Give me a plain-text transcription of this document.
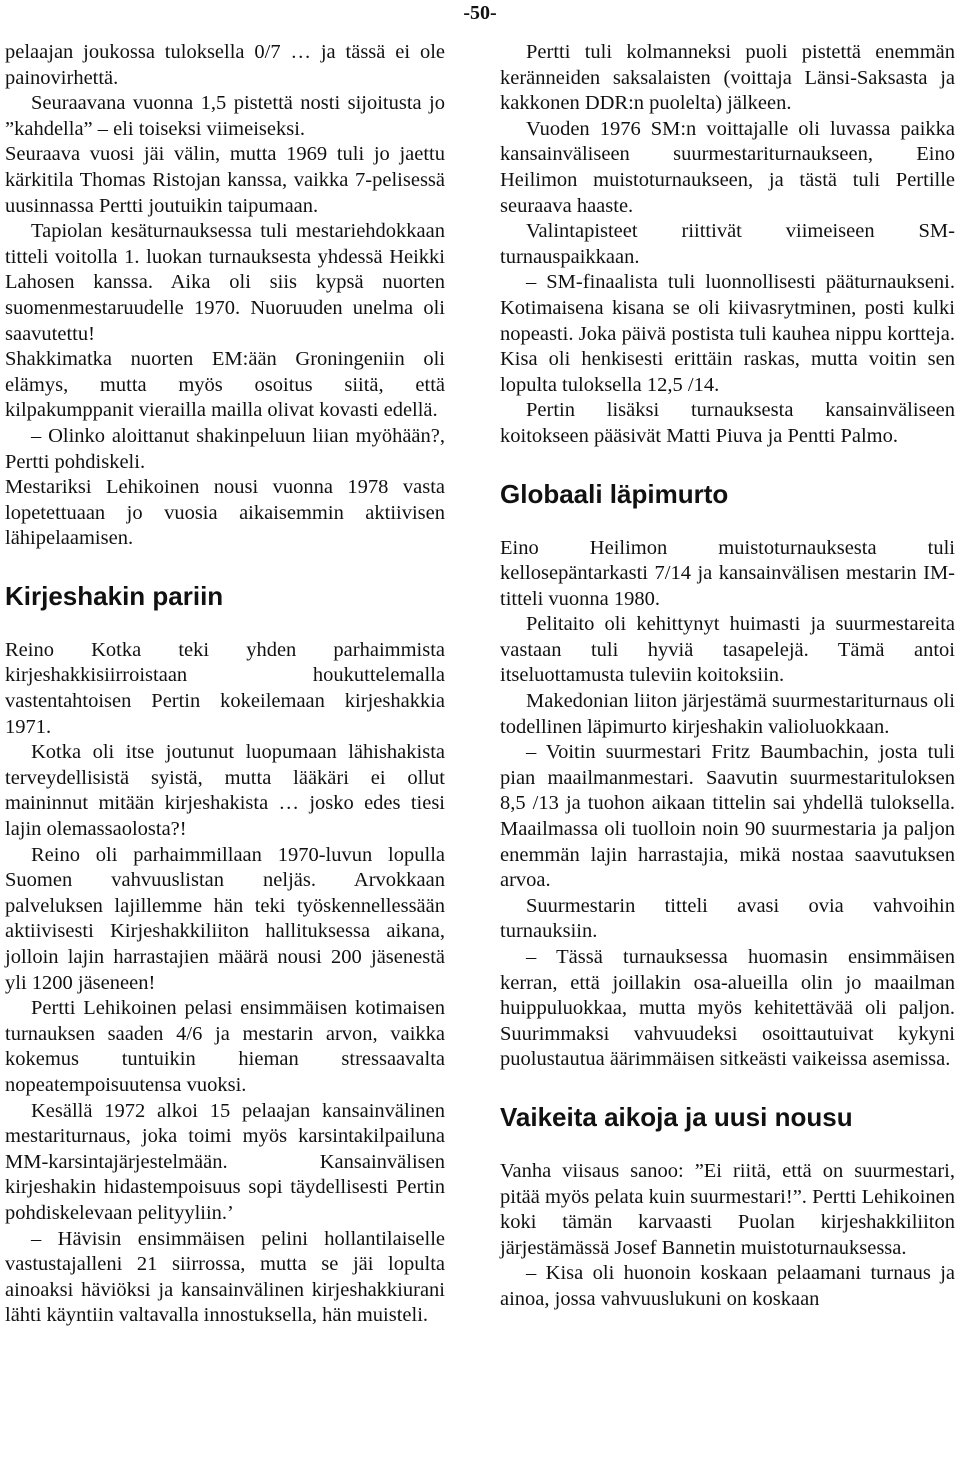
-50-

pelaajan joukossa tuloksella 0/7 … ja tässä ei ole painovirhettä.

Seuraavana vuonna 1,5 pistettä nosti sijoitusta jo ”kahdella” – eli toiseksi viimeiseksi.

Seuraava vuosi jäi välin, mutta 1969 tuli jo jaettu kärkitila Thomas Ristojan kanssa, vaikka 7-pelisessä uusinnassa Pertti joutuikin taipumaan.

Tapiolan kesäturnauksessa tuli mestariehdokkaan titteli voitolla 1. luokan turnauksesta yhdessä Heikki Lahosen kanssa. Aika oli siis kypsä nuorten suomenmestaruudelle 1970. Nuoruuden unelma oli saavutettu!

Shakkimatka nuorten EM:ään Groningeniin oli elämys, mutta myös osoitus siitä, että kilpakumppanit vierailla mailla olivat kovasti edellä.

– Olinko aloittanut shakinpeluun liian myöhään?, Pertti pohdiskeli.

Mestariksi Lehikoinen nousi vuonna 1978 vasta lopetettuaan jo vuosia aikaisemmin aktiivisen lähipelaamisen.

Kirjeshakin pariin

Reino Kotka teki yhden parhaimmista kirjeshakkisiirroistaan houkuttelemalla vastentahtoisen Pertin kokeilemaan kirjeshakkia 1971.

Kotka oli itse joutunut luopumaan lähishakista terveydellisistä syistä, mutta lääkäri ei ollut maininnut mitään kirjeshakista … josko edes tiesi lajin olemassaolosta?!

Reino oli parhaimmillaan 1970-luvun lopulla Suomen vahvuuslistan neljäs. Arvokkaan palveluksen lajillemme hän teki työskennellessään aktiivisesti Kirjeshakkiliiton hallituksessa aikana, jolloin lajin harrastajien määrä nousi 200 jäsenestä yli 1200 jäseneen!

Pertti Lehikoinen pelasi ensimmäisen kotimaisen turnauksen saaden 4/6 ja mestarin arvon, vaikka kokemus tuntuikin hieman stressaavalta nopeatempoisuutensa vuoksi.

Kesällä 1972 alkoi 15 pelaajan kansainvälinen mestariturnaus, joka toimi myös karsintakilpailuna MM-karsintajärjestelmään. Kansainvälisen kirjeshakin hidastempoisuus sopi täydellisesti Pertin pohdiskelevaan pelityyliin.’

– Hävisin ensimmäisen pelini hollantilaiselle vastustajalleni 21 siirrossa, mutta se jäi lopulta ainoaksi häviöksi ja kansainvälinen kirjeshakkiurani lähti käyntiin valtavalla innostuksella, hän muisteli.

Pertti tuli kolmanneksi puoli pistettä enemmän keränneiden saksalaisten (voittaja Länsi-Saksasta ja kakkonen DDR:n puolelta) jälkeen.

Vuoden 1976 SM:n voittajalle oli luvassa paikka kansainväliseen suurmestariturnaukseen, Eino Heilimon muistoturnaukseen, ja tästä tuli Pertille seuraava haaste.

Valintapisteet riittivät viimeiseen SM-turnauspaikkaan.

– SM-finaalista tuli luonnollisesti pääturnaukseni. Kotimaisena kisana se oli kiivasrytminen, posti kulki nopeasti. Joka päivä postista tuli kauhea nippu kortteja. Kisa oli henkisesti erittäin raskas, mutta voitin sen lopulta tuloksella 12,5 /14.

Pertin lisäksi turnauksesta kansainväliseen koitokseen pääsivät Matti Piuva ja Pentti Palmo.

Globaali läpimurto

Eino Heilimon muistoturnauksesta tuli kellosepäntarkasti 7/14 ja kansainvälisen mestarin IM-titteli vuonna 1980.

Pelitaito oli kehittynyt huimasti ja suurmestareita vastaan tuli hyviä tasapelejä. Tämä antoi itseluottamusta tuleviin koitoksiin.

Makedonian liiton järjestämä suurmestariturnaus oli todellinen läpimurto kirjeshakin valioluokkaan.

– Voitin suurmestari Fritz Baumbachin, josta tuli pian maailmanmestari. Saavutin suurmestarituloksen 8,5 /13 ja tuohon aikaan tittelin sai yhdellä tuloksella. Maailmassa oli tuolloin noin 90 suurmestaria ja paljon enemmän lajin harrastajia, mikä nostaa saavutuksen arvoa.

Suurmestarin titteli avasi ovia vahvoihin turnauksiin.

– Tässä turnauksessa huomasin ensimmäisen kerran, että joillakin osa-alueilla olin jo maailman huippuluokkaa, mutta myös kehitettävää oli paljon. Suurimmaksi vahvuudeksi osoittautuivat kykyni puolustautua äärimmäisen sitkeästi vaikeissa asemissa.

Vaikeita aikoja ja uusi nousu

Vanha viisaus sanoo: ”Ei riitä, että on suurmestari, pitää myös pelata kuin suurmestari!”. Pertti Lehikoinen koki tämän karvaasti Puolan kirjeshakkiliiton järjestämässä Josef Bannetin muistoturnauksessa.

– Kisa oli huonoin koskaan pelaamani turnaus ja ainoa, jossa vahvuuslukuni on koskaan
